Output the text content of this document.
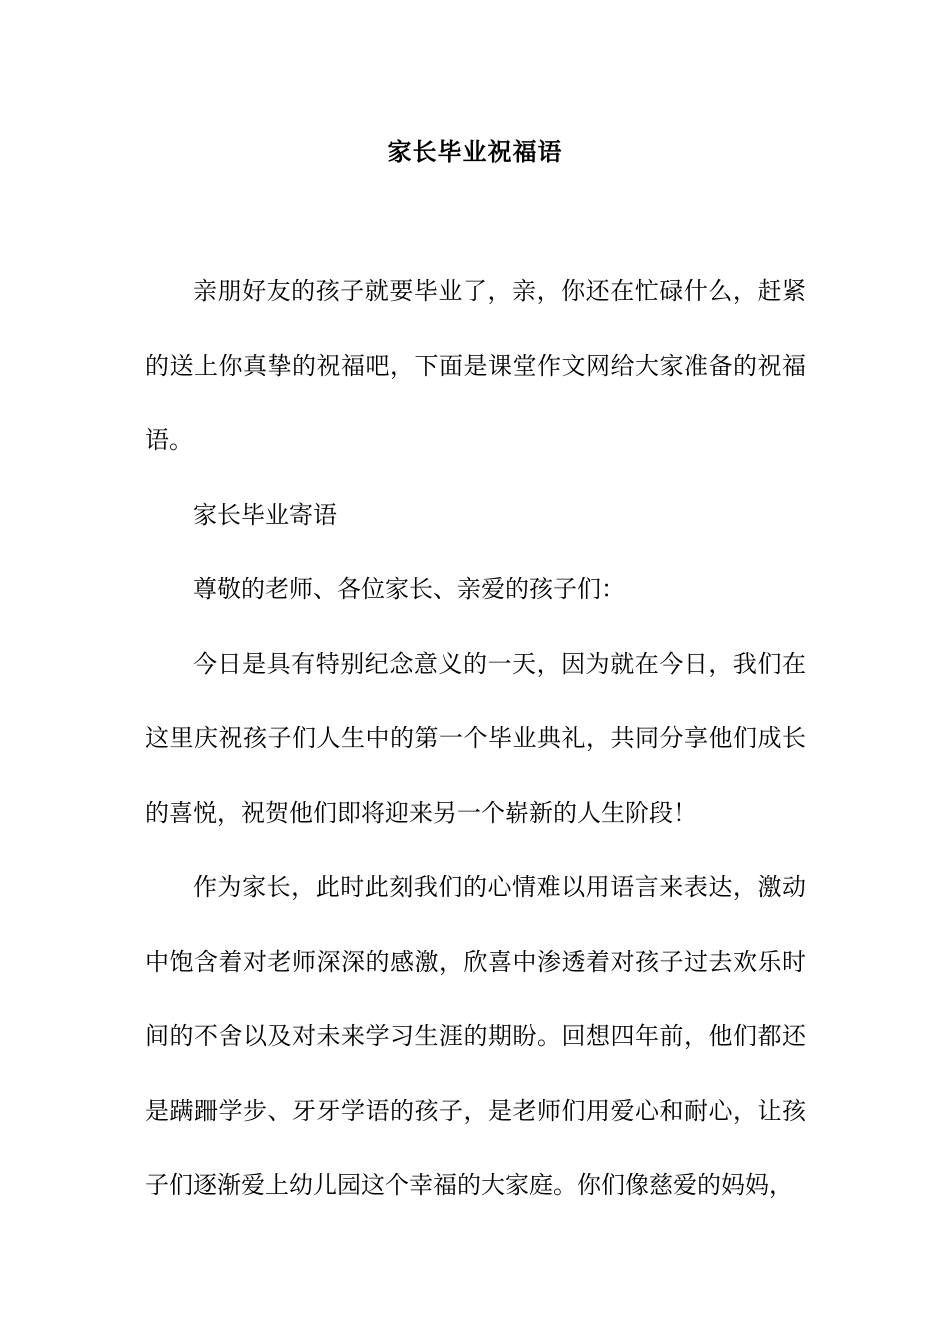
家长毕业祝福语

亲朋好友的孩子就要毕业了，亲，你还在忙碌什么，赶紧的送上你真挚的祝福吧，下面是课堂作文网给大家准备的祝福语。

家长毕业寄语

尊敬的老师、各位家长、亲爱的孩子们：

今日是具有特别纪念意义的一天，因为就在今日，我们在这里庆祝孩子们人生中的第一个毕业典礼，共同分享他们成长的喜悦，祝贺他们即将迎来另一个崭新的人生阶段！

作为家长，此时此刻我们的心情难以用语言来表达，激动中饱含着对老师深深的感激，欣喜中渗透着对孩子过去欢乐时间的不舍以及对未来学习生涯的期盼。回想四年前，他们都还是蹒跚学步、牙牙学语的孩子，是老师们用爱心和耐心，让孩子们逐渐爱上幼儿园这个幸福的大家庭。你们像慈爱的妈妈，
